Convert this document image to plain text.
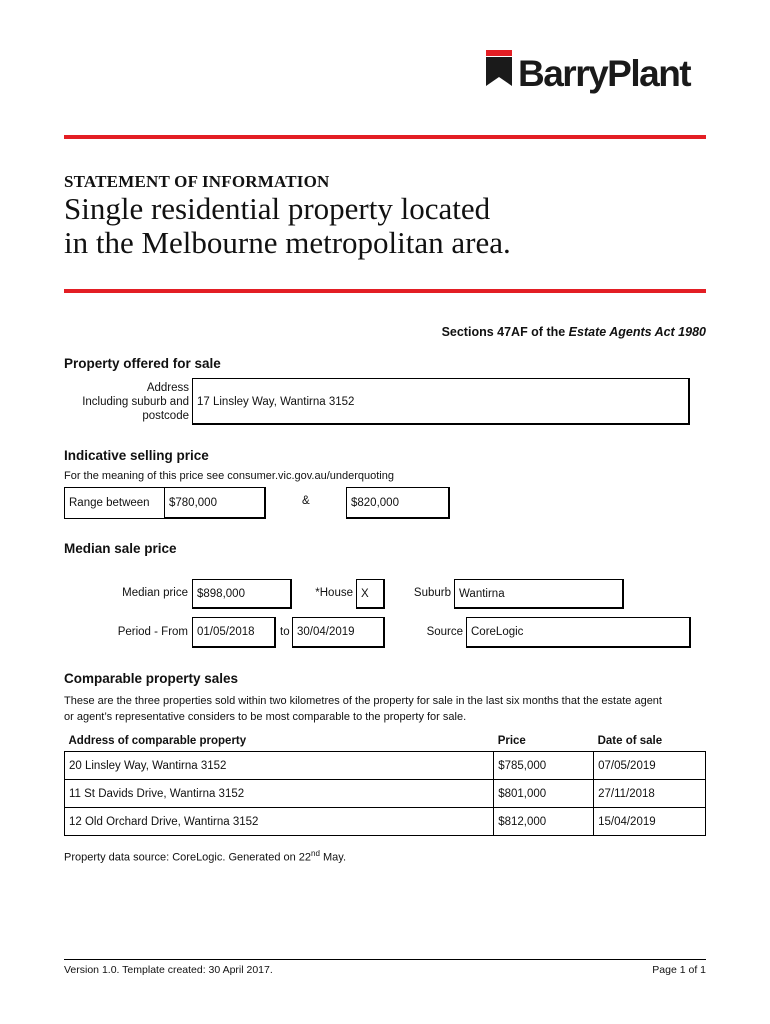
BarryPlant
STATEMENT OF INFORMATION
Single residential property located
in the Melbourne metropolitan area.
Sections 47AF of the Estate Agents Act 1980
Property offered for sale
Address
Including suburb and
postcode
17 Linsley Way, Wantirna 3152
Indicative selling price
For the meaning of this price see consumer.vic.gov.au/underquoting
Range between	$780,000	&	$820,000
Median sale price
Median price $898,000	*House X	Suburb Wantirna
Period - From 01/05/2018	to 30/04/2019	Source CoreLogic
Comparable property sales
These are the three properties sold within two kilometres of the property for sale in the last six months that the estate agent
or agent’s representative considers to be most comparable to the property for sale.
Address of comparable property	Price	Date of sale
20 Linsley Way, Wantirna 3152	$785,000	07/05/2019
11 St Davids Drive, Wantirna 3152	$801,000	27/11/2018
12 Old Orchard Drive, Wantirna 3152	$812,000	15/04/2019
Property data source: CoreLogic. Generated on 22nd May.
Version 1.0. Template created: 30 April 2017.	Page 1 of 1
